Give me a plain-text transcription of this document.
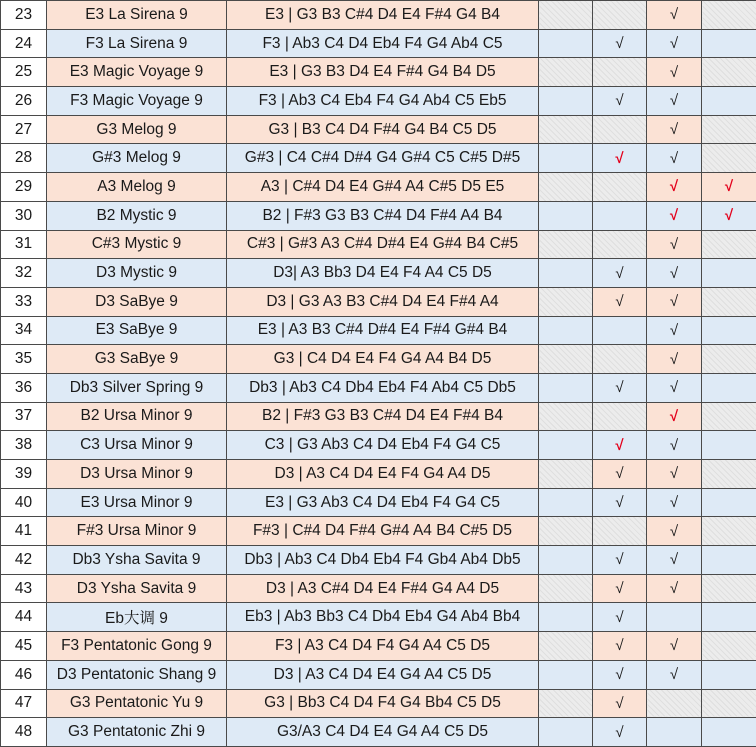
23	E3 La Sirena 9	E3 | G3 B3 C#4 D4 E4 F#4 G4 B4			√	
24	F3 La Sirena 9	F3 | Ab3 C4 D4 Eb4 F4 G4 Ab4 C5		√	√	
25	E3 Magic Voyage 9	E3 | G3 B3 D4 E4 F#4 G4 B4 D5			√	
26	F3 Magic Voyage 9	F3 | Ab3 C4 Eb4 F4 G4 Ab4 C5 Eb5		√	√	
27	G3 Melog 9	G3 | B3 C4 D4 F#4 G4 B4 C5 D5			√	
28	G#3 Melog 9	G#3 | C4 C#4 D#4 G4 G#4 C5 C#5 D#5		√	√	
29	A3 Melog 9	A3 | C#4 D4 E4 G#4 A4 C#5 D5 E5			√	√
30	B2 Mystic 9	B2 | F#3 G3 B3 C#4 D4 F#4 A4 B4			√	√
31	C#3 Mystic 9	C#3 | G#3 A3 C#4 D#4 E4 G#4 B4 C#5			√	
32	D3 Mystic 9	D3| A3 Bb3 D4 E4 F4 A4 C5 D5		√	√	
33	D3 SaBye 9	D3 | G3 A3 B3 C#4 D4 E4 F#4 A4		√	√	
34	E3 SaBye 9	E3 | A3 B3 C#4 D#4 E4 F#4 G#4 B4			√	
35	G3 SaBye 9	G3 | C4 D4 E4 F4 G4 A4 B4 D5			√	
36	Db3 Silver Spring 9	Db3 | Ab3 C4 Db4 Eb4 F4 Ab4 C5 Db5		√	√	
37	B2 Ursa Minor 9	B2 | F#3 G3 B3 C#4 D4 E4 F#4 B4			√	
38	C3 Ursa Minor 9	C3 | G3 Ab3 C4 D4 Eb4 F4 G4 C5		√	√	
39	D3 Ursa Minor 9	D3 | A3 C4 D4 E4 F4 G4 A4 D5		√	√	
40	E3 Ursa Minor 9	E3 | G3 Ab3 C4 D4 Eb4 F4 G4 C5		√	√	
41	F#3 Ursa Minor 9	F#3 | C#4 D4 F#4 G#4 A4 B4 C#5 D5			√	
42	Db3 Ysha Savita 9	Db3 | Ab3 C4 Db4 Eb4 F4 Gb4 Ab4 Db5		√	√	
43	D3 Ysha Savita 9	D3 | A3 C#4 D4 E4 F#4 G4 A4 D5		√	√	
44	Eb大调 9	Eb3 | Ab3 Bb3 C4 Db4 Eb4 G4 Ab4 Bb4		√		
45	F3 Pentatonic Gong 9	F3 | A3 C4 D4 F4 G4 A4 C5 D5		√	√	
46	D3 Pentatonic Shang 9	D3 | A3 C4 D4 E4 G4 A4 C5 D5		√	√	
47	G3 Pentatonic Yu 9	G3 | Bb3 C4 D4 F4 G4 Bb4 C5 D5		√		
48	G3 Pentatonic Zhi 9	G3/A3 C4 D4 E4 G4 A4 C5 D5		√		
